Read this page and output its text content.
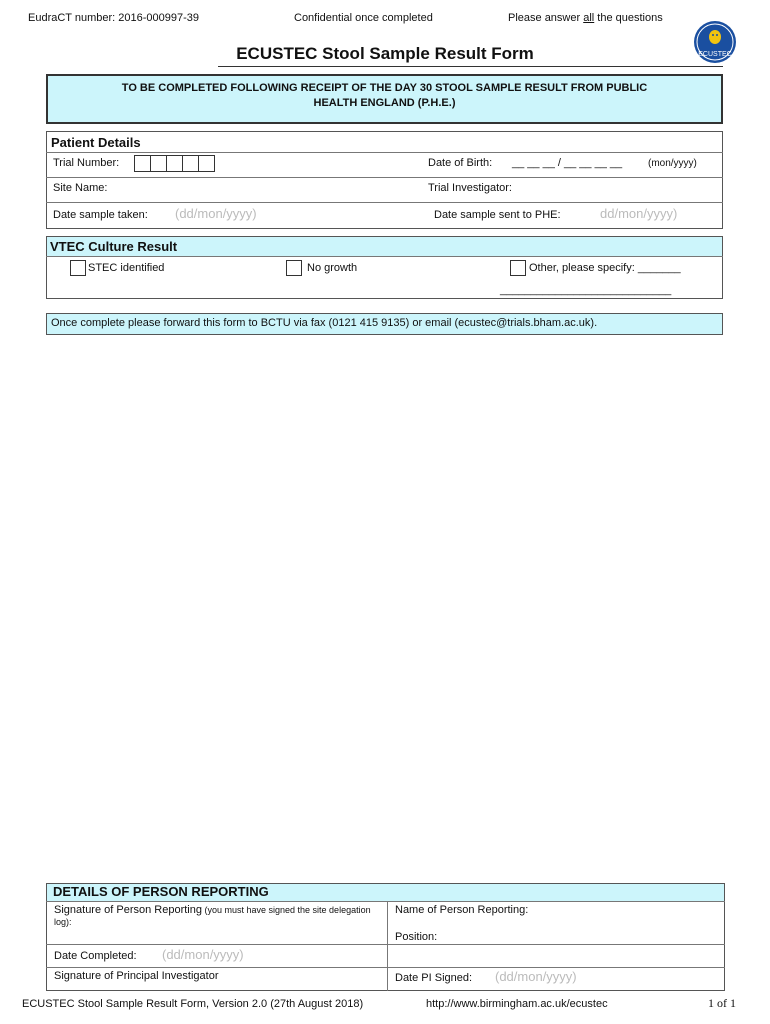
EudraCT number: 2016-000997-39	Confidential once completed	Please answer all the questions
ECUSTEC
ECUSTEC Stool Sample Result Form
TO BE COMPLETED FOLLOWING RECEIPT OF THE DAY 30 STOOL SAMPLE RESULT FROM PUBLIC
HEALTH ENGLAND (P.H.E.)
Patient Details
Trial Number:	Date of Birth: __ __ __ / __ __ __ __	(mon/yyyy)
Site Name:	Trial Investigator:
Date sample taken: (dd/mon/yyyy)	Date sample sent to PHE:	dd/mon/yyyy)
VTEC Culture Result
STEC identified	No growth	Other, please specify: _______
____________________________
Once complete please forward this form to BCTU via fax (0121 415 9135) or email (ecustec@trials.bham.ac.uk).
DETAILS OF PERSON REPORTING
Signature of Person Reporting (you must have signed the site delegation log):
Name of Person Reporting:
Position:
Date Completed: (dd/mon/yyyy)
Signature of Principal Investigator	Date PI Signed: (dd/mon/yyyy)
ECUSTEC Stool Sample Result Form, Version 2.0 (27th August 2018)	http://www.birmingham.ac.uk/ecustec	1 of 1
